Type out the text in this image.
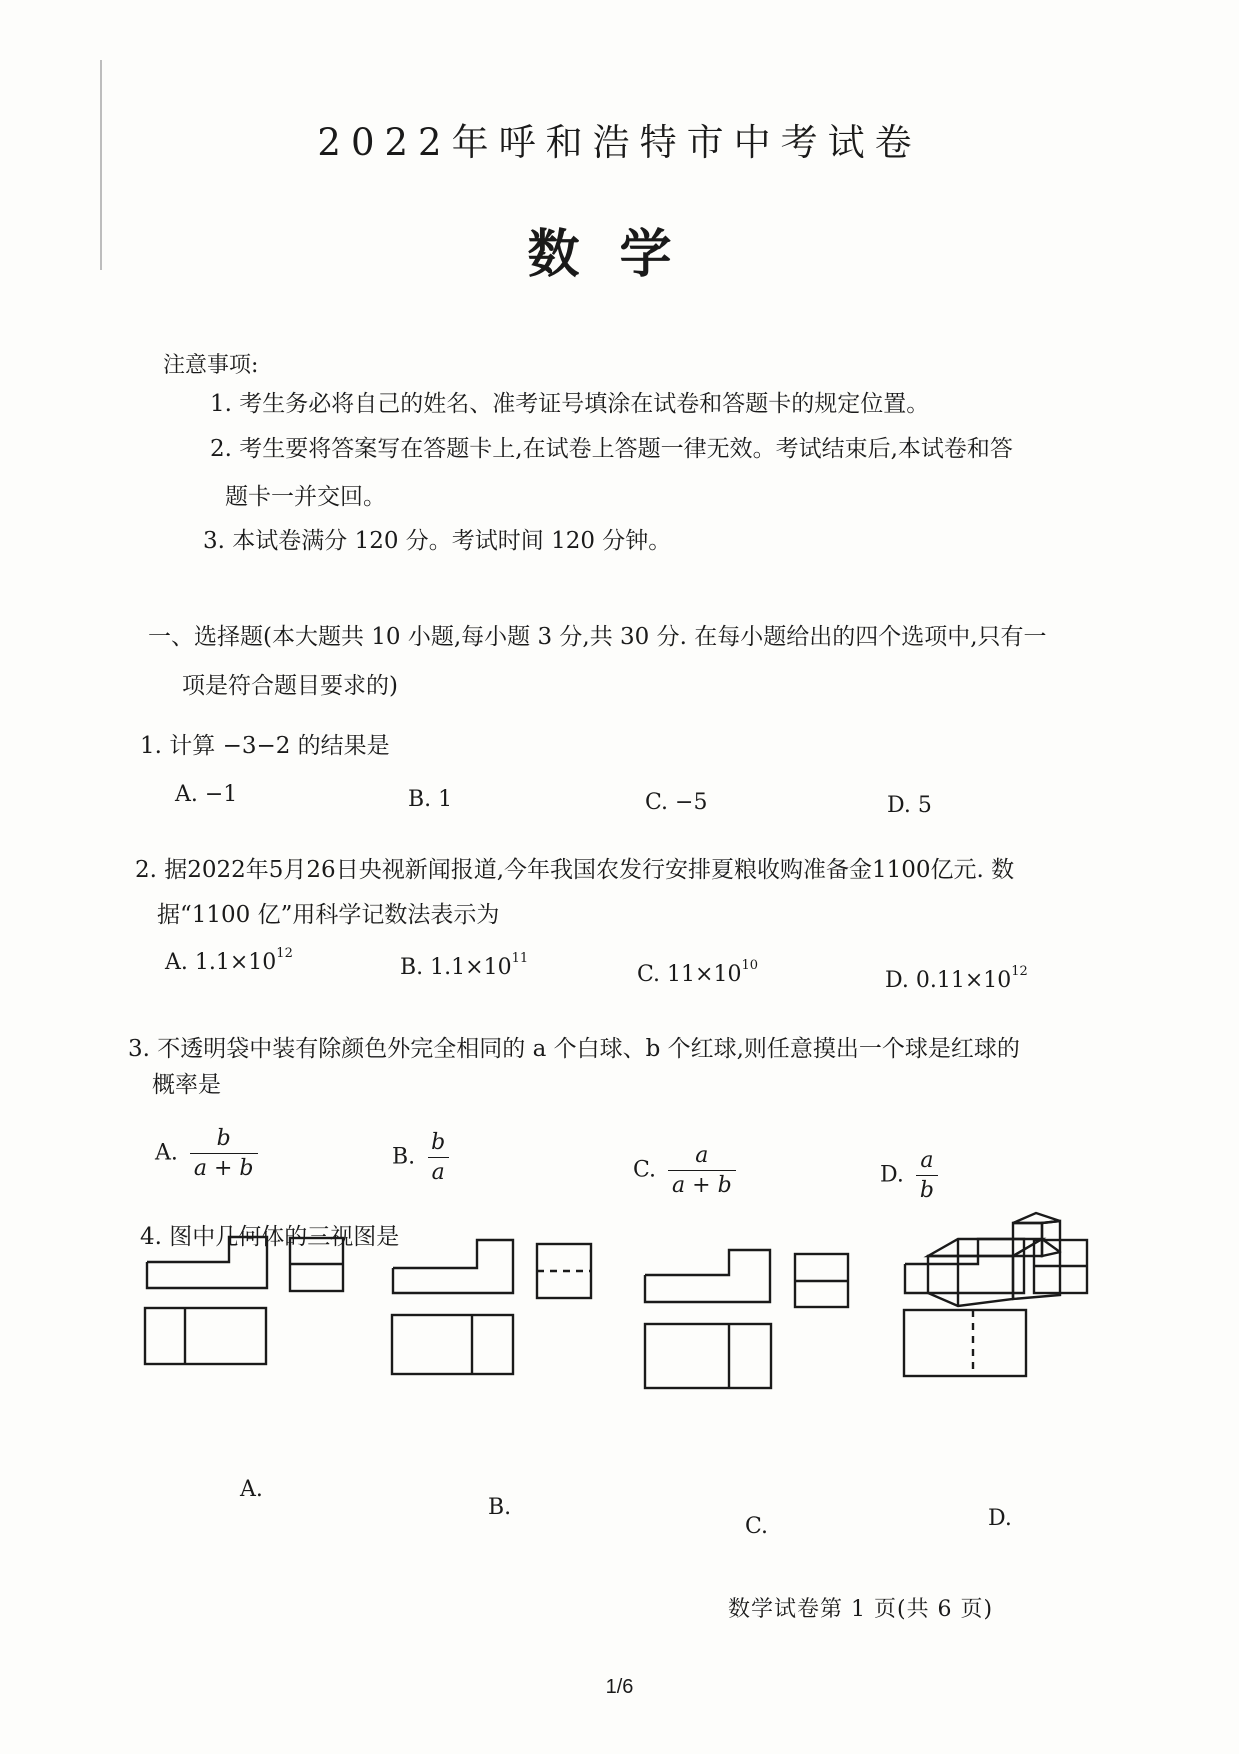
2022年呼和浩特市中考试卷
数学
注意事项:
1. 考生务必将自己的姓名、准考证号填涂在试卷和答题卡的规定位置。
2. 考生要将答案写在答题卡上,在试卷上答题一律无效。考试结束后,本试卷和答
题卡一并交回。
3. 本试卷满分 120 分。考试时间 120 分钟。
一、选择题(本大题共 10 小题,每小题 3 分,共 30 分. 在每小题给出的四个选项中,只有一
项是符合题目要求的)
1. 计算 −3−2 的结果是
A. −1	B. 1	C. −5	D. 5
2. 据2022年5月26日央视新闻报道,今年我国农发行安排夏粮收购准备金1100亿元. 数
据“1100 亿”用科学记数法表示为
A. $1.1\times 10^{12}$
B. $1.1\times 10^{11}$
C. $11\times 10^{10}$
D. $0.11\times 10^{12}$
3. 不透明袋中装有除颜色外完全相同的 a 个白球、b 个红球,则任意摸出一个球是红球的
概率是
A. $\frac{b}{a + b}$	B. $\frac{b}{a}$	C. $\frac{a}{a + b}$	D. $\frac{a}{b}$
4. 图中几何体的三视图是
A.
B.
C.	D.
数学试卷第 1 页(共 6 页)
1/6
